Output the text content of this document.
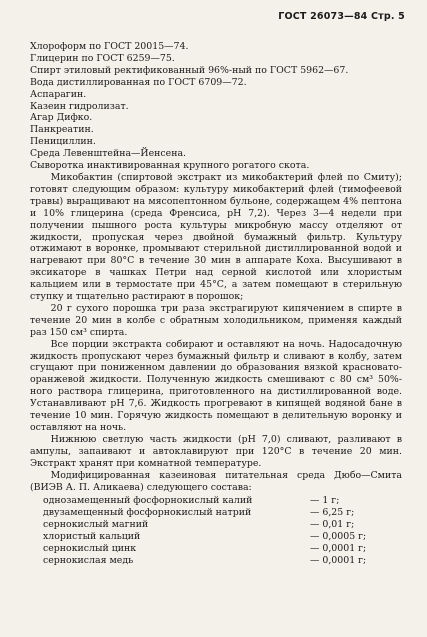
ГОСТ 26073—84 Стр. 5

Хлороформ по ГОСТ 20015—74.

Глицерин по ГОСТ 6259—75.

Спирт этиловый ректификованный 96%-ный по ГОСТ 5962—67.

Вода дистиллированная по ГОСТ 6709—72.

Аспарагин.

Казеин гидролизат.

Агар Дифко.

Панкреатин.

Пенициллин.

Среда Левенштейна—Йенсена.

Сыворотка инактивированная крупного рогатого скота.

Микобактин (спиртовой экстракт из микобактерий флей по Смиту); готовят следующим образом: культуру микобактерий флей (тимофеевой травы) выращивают на мясопептонном бульоне, содержащем 4% пептона и 10% глицерина (среда Френсиса, pH 7,2). Через 3—4 недели при получении пышного роста культуры микробную массу отделяют от жидкости, пропуская через двойной бумажный фильтр. Культуру отжимают в воронке, промывают стерильной дистиллированной водой и нагревают при 80°С в течение 30 мин в аппарате Коха. Высушивают в эксикаторе в чашках Петри над серной кислотой или хлористым кальцием или в термостате при 45°С, а затем помещают в стерильную ступку и тщательно растирают в порошок;

20 г сухого порошка три раза экстрагируют кипячением в спирте в течение 20 мин в колбе с обратным холодильником, применяя каждый раз 150 см³ спирта.

Все порции экстракта собирают и оставляют на ночь. Надосадочную жидкость пропускают через бумажный фильтр и сливают в колбу, затем сгущают при пониженном давлении до образования вязкой красновато-оранжевой жидкости. Полученную жидкость смешивают с 80 см³ 50%-ного раствора глицерина, приготовленного на дистиллированной воде. Устанавливают pH 7,6. Жидкость прогревают в кипящей водяной бане в течение 10 мин. Горячую жидкость помещают в делительную воронку и оставляют на ночь.

Нижнюю светлую часть жидкости (pH 7,0) сливают, разливают в ампулы, запаивают и автоклавируют при 120°С в течение 20 мин. Экстракт хранят при комнатной температуре.

Модифицированная казеиновая питательная среда Дюбо—Смита (ВИЭВ А. П. Аликаева) следующего состава:

однозамещенный фосфорнокислый калий	— 1 г;
двузамещенный фосфорнокислый натрий	— 6,25 г;
сернокислый магний	— 0,01 г;
хлористый кальций	— 0,0005 г;
сернокислый цинк	— 0,0001 г;
сернокислая медь	— 0,0001 г;
